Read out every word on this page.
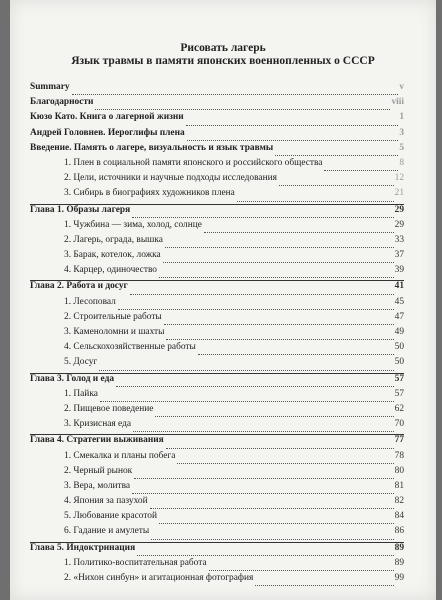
Рисовать лагерь
Язык травмы в памяти японских военнопленных о СССР
Summary	v
Благодарности	viii
Кюзо Като. Книга о лагерной жизни	1
Андрей Головнев. Иероглифы плена	3
Введение. Память о лагере, визуальность и язык травмы	5
1. Плен в социальной памяти японского и российского общества	8
2. Цели, источники и научные подходы исследования	12
3. Сибирь в биографиях художников плена	21
Глава 1. Образы лагеря	29
1. Чужбина — зима, холод, солнце	29
2. Лагерь, ограда, вышка	33
3. Барак, котелок, ложка	37
4. Карцер, одиночество	39
Глава 2. Работа и досуг	41
1. Лесоповал	45
2. Строительные работы	47
3. Каменоломни и шахты	49
4. Сельскохозяйственные работы	50
5. Досуг	50
Глава 3. Голод и еда	57
1. Пайка	57
2. Пищевое поведение	62
3. Кризисная еда	70
Глава 4. Стратегии выживания	77
1. Смекалка и планы побега	78
2. Черный рынок	80
3. Вера, молитва	81
4. Япония за пазухой	82
5. Любование красотой	84
6. Гадание и амулеты	86
Глава 5. Индоктринация	89
1. Политико-воспитательная работа	89
2. «Нихон синбун» и агитационная фотография	99
